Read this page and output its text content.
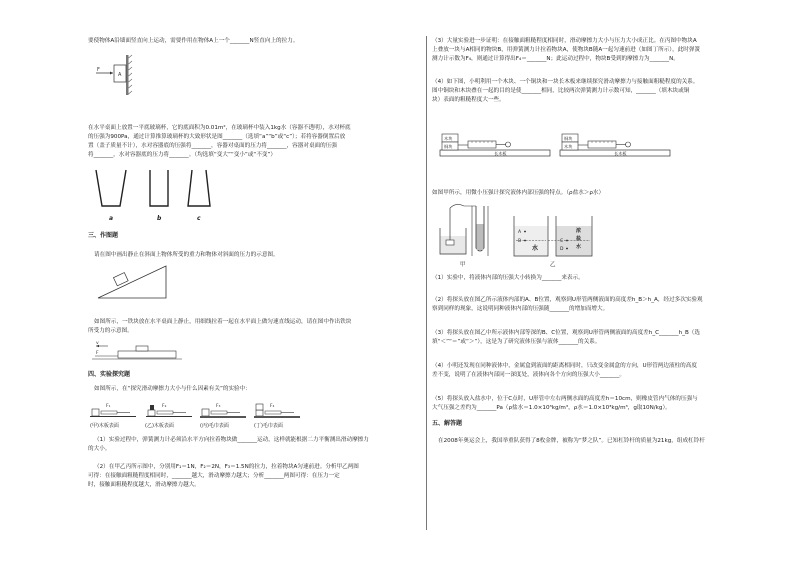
要使物体A沿墙面竖直向上运动，需要作用在物体A上一个_______N竖直向上的拉力。
F
A
在水平桌面上放置一平底玻璃杯，它的底面积为0.01m²，在玻璃杯中装入1kg水（容器不透明），水对杯底
的压强为900Pa，通过计算推算玻璃杯的大致形状是图_______（选填“a”“b”或“c”）；若将容器倒置后放
置（盖子质量不计），水对容器底的压强将_______，容器对桌面的压力将_______，容器对桌面的压强
将_______，水对容器底的压力将_______。（均选填“变大”“变小”或“不变”）
a	b	c
三、作图题
请在图中画出静止在斜面上物体所受的重力和物体对斜面的压力的示意图。
如图所示，一铁块放在水平桌面上静止，用细线拉着一起在水平面上做匀速直线运动，请在图中作出铁块
所受力的示意图。
v
F
四、实验探究题
如图所示，在“探究滑动摩擦力大小与什么因素有关”的实验中：
F₁	F₂	F₃	F₄
(甲)木板表面	(乙)木板表面	(丙)毛巾表面	(丁)毛巾表面
（1）实验过程中，弹簧测力计必须沿水平方向拉着物块做_______运动，这样就能根据二力平衡测出滑动摩擦力
的大小。
（2）在甲乙丙所示图中，分别用F₁＝1N，F₂＝2N，F₃＝1.5N的拉力，拉着物块A匀速前进。分析甲乙两图
可得：在接触面粗糙程度相同时，_______越大，滑动摩擦力越大；分析_______两图可得：在压力一定
时，接触面粗糙程度越大，滑动摩擦力越大。
（3）大量实验进一步证明：在接触面粗糙程度相同时，滑动摩擦力大小与压力大小成正比。在丙图中物块A
上叠放一块与A相同的物块B，用弹簧测力计拉着物块A，使物块B随A一起匀速前进（如图丁所示），此时弹簧
测力计示数为F₄，则通过计算得出F₄＝_______N；此运动过程中，物块B受到的摩擦力为_______N。
（4）如下图，小明利用一个木块、一个铜块和一块长木板来继续探究滑动摩擦力与接触面粗糙程度的关系。
图中铜块和木块叠在一起的目的是使_______相同，比较两次弹簧测力计示数可知，_______（填木块或铜
块）表面的粗糙程度大一些。
长木板
木块
铜块
长木板
铜块
木块
如图甲所示，用微小压强计探究液体内部压强的特点。（ρ盐水＞ρ水）
甲
水
A
B
浓
盐
水
C
D
乙
（1）实验中，将液体内部的压强大小转换为_______来表示。
（2）将探头放在图乙所示液体内部的A、B位置，观察到U形管两侧液面的高度差h_B＞h_A，经过多次实验观
察到同样的现象，这说明同种液体内部的压强随_______的增加而增大。
（3）将探头放在图乙中所示液体内部等深的B、C位置，观察到U形管两侧液面的高度差h_C_______h_B（选
填“＜”“＝”或“＞”），这是为了研究液体压强与液体_______的关系。
（4）小明还发现在同种液体中，金属盒到液面的距离相同时，只改变金属盒的方向，U形管两边液柱的高度
差不变，说明了在液体内部同一深度处，液体向各个方向的压强大小_______。
（5）将探头放入盐水中，位于C点时，U形管中左右两侧水面的高度差h＝10cm，则橡皮管内气体的压强与
大气压强之差约为_______Pa（ρ盐水＝1.0×10³kg/m³，ρ水＝1.0×10³kg/m³，g取10N/kg）。
五、解答题
在2008年奥运会上，我国举重队获得了8枚金牌，被称为“梦之队”。已知杠铃杆的质量为21kg，组成杠铃杆
